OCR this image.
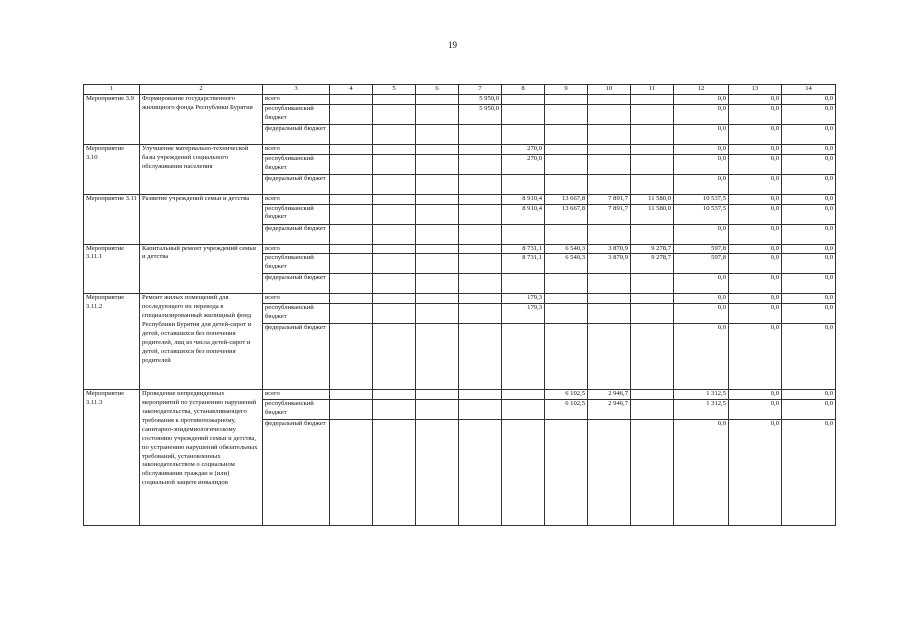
19
1	2	3	4	5	6	7	8	9	10	11	12	13	14
Мероприятие 3.9	Формирование государственного жилищного фонда Республики Бурятия	всего				5 950,0					0,0	0,0	0,0
		республиканский бюджет				5 950,0					0,0	0,0	0,0
		федеральный бюджет									0,0	0,0	0,0
Мероприятие 3.10	Улучшение материально-технической базы учреждений социального обслуживания населения	всего					270,0				0,0	0,0	0,0
		республиканский бюджет					270,0				0,0	0,0	0,0
		федеральный бюджет									0,0	0,0	0,0
Мероприятие 3.11	Развитие учреждений семьи и детства	всего					8 910,4	13 667,8	7 891,7	11 580,0	10 537,5	0,0	0,0
		республиканский бюджет					8 910,4	13 667,8	7 891,7	11 580,0	10 537,5	0,0	0,0
		федеральный бюджет									0,0	0,0	0,0
Мероприятие 3.11.1	Капитальный ремонт учреждений семьи и детства	всего					8 731,1	6 540,3	3 870,9	9 278,7	597,8	0,0	0,0
		республиканский бюджет					8 731,1	6 540,3	3 870,9	9 278,7	597,8	0,0	0,0
		федеральный бюджет									0,0	0,0	0,0
Мероприятие 3.11.2	Ремонт жилых помещений для последующего их перевода в специализированный жилищный фонд Республики Бурятия для детей-сирот и детей, оставшихся без попечения родителей, лиц из числа детей-сирот и детей, оставшихся без попечения родителей	всего					179,3				0,0	0,0	0,0
		республиканский бюджет					179,3				0,0	0,0	0,0
		федеральный бюджет									0,0	0,0	0,0
Мероприятие 3.11.3	Проведение непредвиденных мероприятий по устранению нарушений законодательства, устанавливающего требования к противопожарному, санитарно-эпидемиологическому состоянию учреждений семьи и детства, по устранению нарушений обязательных требований, установленных законодательством о социальном обслуживании граждан и (или) социальной защите инвалидов	всего						6 102,5	2 946,7		1 312,5	0,0	0,0
		республиканский бюджет						6 102,5	2 946,7		1 312,5	0,0	0,0
		федеральный бюджет									0,0	0,0	0,0
